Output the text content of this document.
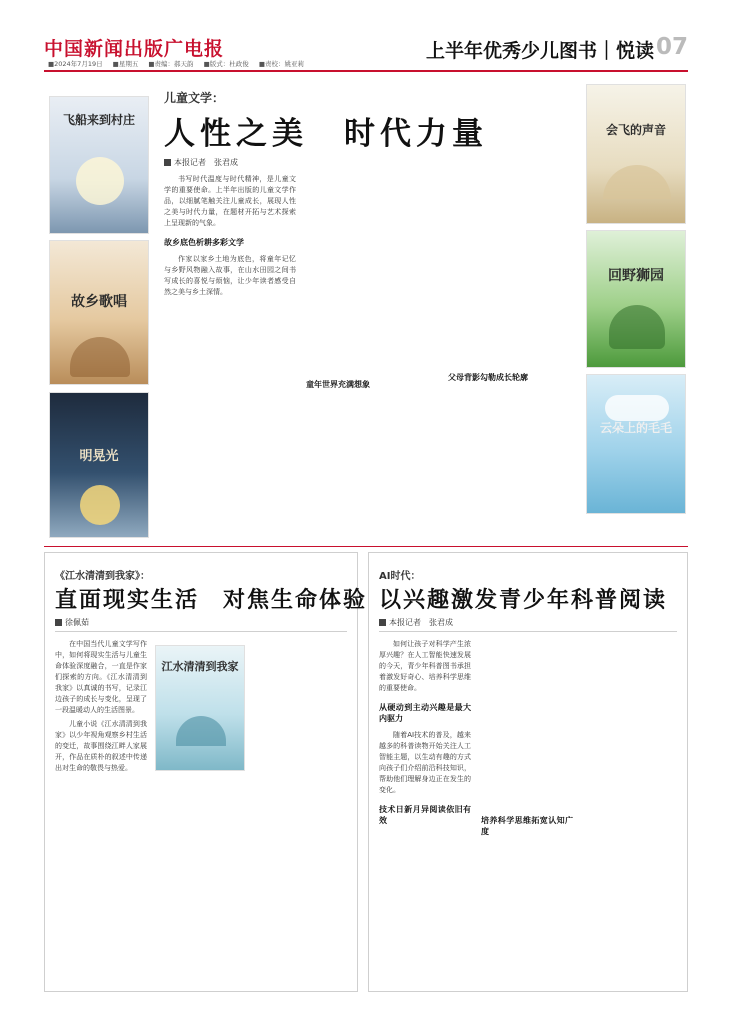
中国新闻出版广电报
■2024年7月19日 ■星期五 ■责编：郝天韵 ■版式：杜政俊 ■责校：姚亚莉
上半年优秀少儿图书｜悦读 07
儿童文学：
人性之美　时代力量
本报记者　张君成
飞船来到村庄
故乡歌唱
明晃光

书写时代温度与时代精神，是儿童文学的重要使命。上半年出版的儿童文学作品，以细腻笔触关注儿童成长，展现人性之美与时代力量，在题材开拓与艺术探索上呈现新的气象。

故乡底色析耕多彩文学

作家以家乡土地为底色，将童年记忆与乡野风物融入故事，在山水田园之间书写成长的喜悦与烦恼，让少年读者感受自然之美与乡土深情。

童年世界充满想象
父母背影勾勒成长轮廓
会飞的声音
回野狮园
云朵上的毛毛
《江水清清到我家》：
直面现实生活　对焦生命体验
徐佩茹

在中国当代儿童文学写作中，如何将现实生活与儿童生命体验深度融合，一直是作家们探索的方向。《江水清清到我家》以真诚的书写，记录江边孩子的成长与变化，呈现了一段温暖动人的生活图景。

儿童小说《江水清清到我家》以少年视角观察乡村生活的变迁，故事围绕江畔人家展开，作品在质朴的叙述中传递出对生命的敬畏与热爱。

江水清清到我家
AI时代：
以兴趣激发青少年科普阅读
本报记者　张君成

如何让孩子对科学产生浓厚兴趣？在人工智能快速发展的今天，青少年科普图书承担着激发好奇心、培养科学思维的重要使命。

从硬动到主动兴趣是最大内驱力

随着AI技术的普及，越来越多的科普读物开始关注人工智能主题，以生动有趣的方式向孩子们介绍前沿科技知识，帮助他们理解身边正在发生的变化。

技术日新月异阅读依旧有效	培养科学思维拓宽认知广度
